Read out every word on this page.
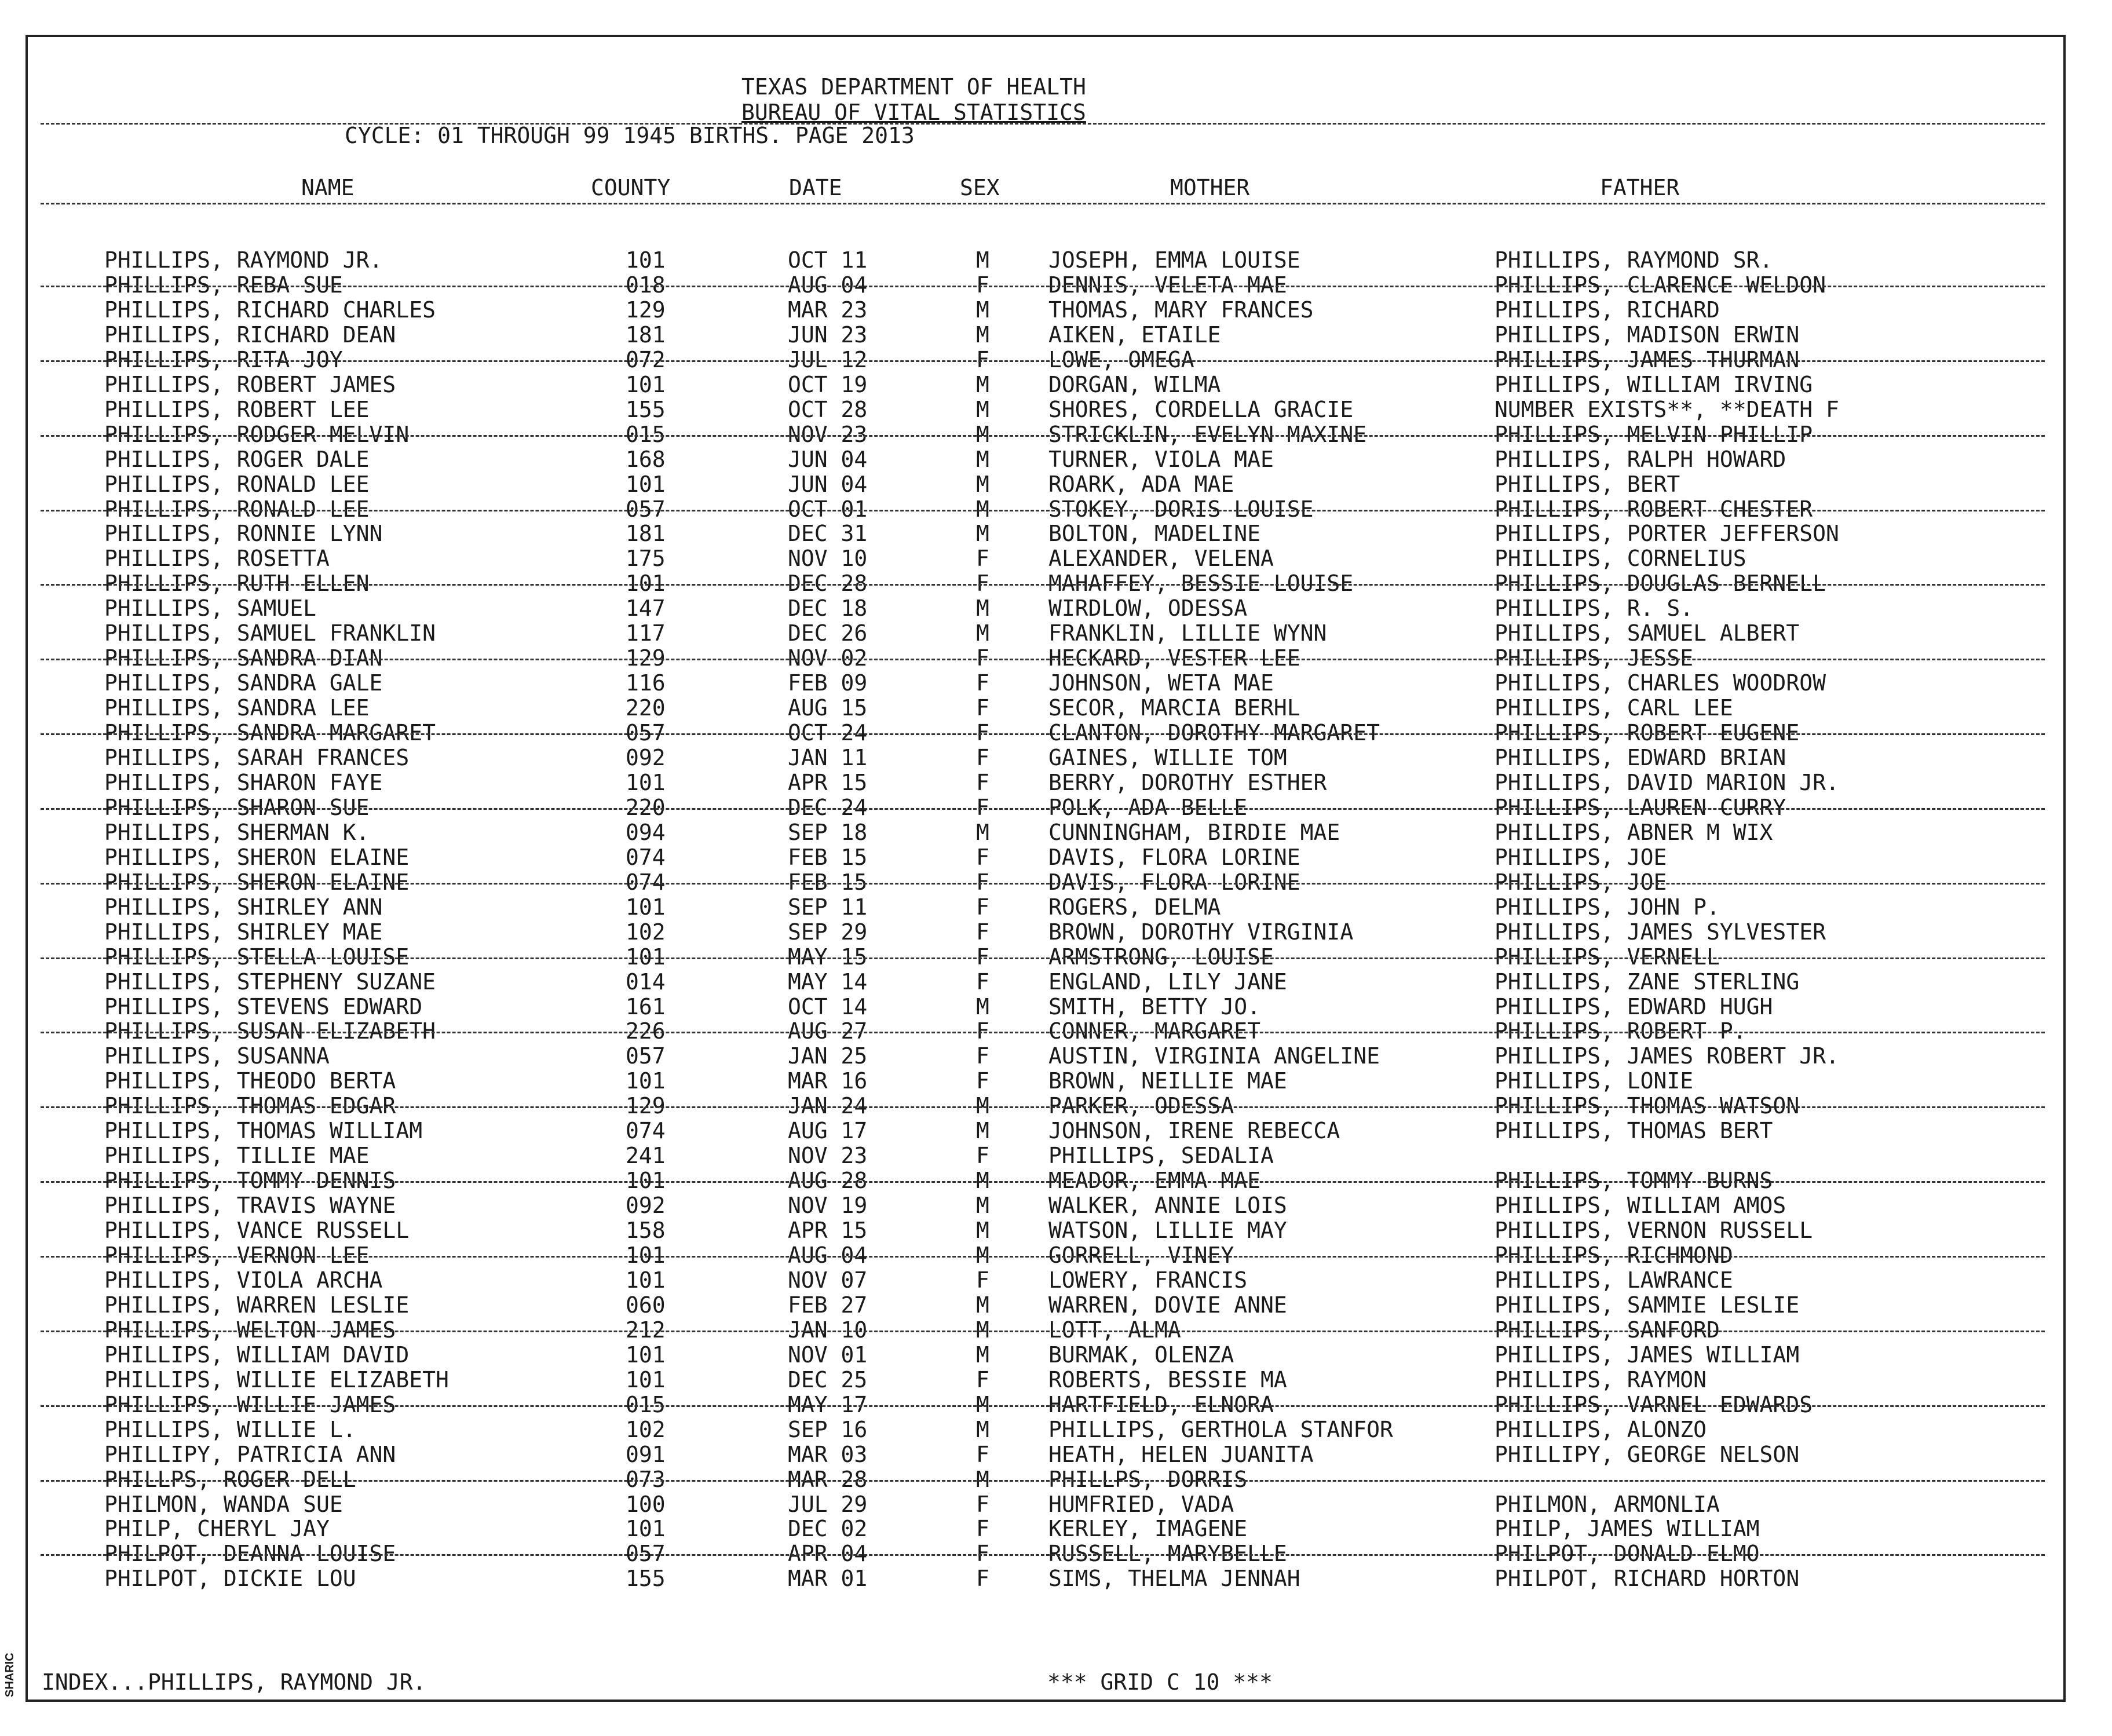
SHARIC
TEXAS DEPARTMENT OF HEALTH
BUREAU OF VITAL STATISTICS
CYCLE: 01 THROUGH 99 1945 BIRTHS. PAGE 2013
NAME	COUNTY	DATE	SEX	MOTHER	FATHER
PHILLIPS, RAYMOND JR.	101	OCT 11	M	JOSEPH, EMMA LOUISE	PHILLIPS, RAYMOND SR.
PHILLIPS, REBA SUE	018	AUG 04	F	DENNIS, VELETA MAE	PHILLIPS, CLARENCE WELDON
PHILLIPS, RICHARD CHARLES	129	MAR 23	M	THOMAS, MARY FRANCES	PHILLIPS, RICHARD
PHILLIPS, RICHARD DEAN	181	JUN 23	M	AIKEN, ETAILE	PHILLIPS, MADISON ERWIN
PHILLIPS, RITA JOY	072	JUL 12	F	LOWE, OMEGA	PHILLIPS, JAMES THURMAN
PHILLIPS, ROBERT JAMES	101	OCT 19	M	DORGAN, WILMA	PHILLIPS, WILLIAM IRVING
PHILLIPS, ROBERT LEE	155	OCT 28	M	SHORES, CORDELLA GRACIE	NUMBER EXISTS**, **DEATH F
PHILLIPS, RODGER MELVIN	015	NOV 23	M	STRICKLIN, EVELYN MAXINE	PHILLIPS, MELVIN PHILLIP
PHILLIPS, ROGER DALE	168	JUN 04	M	TURNER, VIOLA MAE	PHILLIPS, RALPH HOWARD
PHILLIPS, RONALD LEE	101	JUN 04	M	ROARK, ADA MAE	PHILLIPS, BERT
PHILLIPS, RONALD LEE	057	OCT 01	M	STOKEY, DORIS LOUISE	PHILLIPS, ROBERT CHESTER
PHILLIPS, RONNIE LYNN	181	DEC 31	M	BOLTON, MADELINE	PHILLIPS, PORTER JEFFERSON
PHILLIPS, ROSETTA	175	NOV 10	F	ALEXANDER, VELENA	PHILLIPS, CORNELIUS
PHILLIPS, RUTH ELLEN	101	DEC 28	F	MAHAFFEY, BESSIE LOUISE	PHILLIPS, DOUGLAS BERNELL
PHILLIPS, SAMUEL	147	DEC 18	M	WIRDLOW, ODESSA	PHILLIPS, R. S.
PHILLIPS, SAMUEL FRANKLIN	117	DEC 26	M	FRANKLIN, LILLIE WYNN	PHILLIPS, SAMUEL ALBERT
PHILLIPS, SANDRA DIAN	129	NOV 02	F	HECKARD, VESTER LEE	PHILLIPS, JESSE
PHILLIPS, SANDRA GALE	116	FEB 09	F	JOHNSON, WETA MAE	PHILLIPS, CHARLES WOODROW
PHILLIPS, SANDRA LEE	220	AUG 15	F	SECOR, MARCIA BERHL	PHILLIPS, CARL LEE
PHILLIPS, SANDRA MARGARET	057	OCT 24	F	CLANTON, DOROTHY MARGARET	PHILLIPS, ROBERT EUGENE
PHILLIPS, SARAH FRANCES	092	JAN 11	F	GAINES, WILLIE TOM	PHILLIPS, EDWARD BRIAN
PHILLIPS, SHARON FAYE	101	APR 15	F	BERRY, DOROTHY ESTHER	PHILLIPS, DAVID MARION JR.
PHILLIPS, SHARON SUE	220	DEC 24	F	POLK, ADA BELLE	PHILLIPS, LAUREN CURRY
PHILLIPS, SHERMAN K.	094	SEP 18	M	CUNNINGHAM, BIRDIE MAE	PHILLIPS, ABNER M WIX
PHILLIPS, SHERON ELAINE	074	FEB 15	F	DAVIS, FLORA LORINE	PHILLIPS, JOE
PHILLIPS, SHERON ELAINE	074	FEB 15	F	DAVIS, FLORA LORINE	PHILLIPS, JOE
PHILLIPS, SHIRLEY ANN	101	SEP 11	F	ROGERS, DELMA	PHILLIPS, JOHN P.
PHILLIPS, SHIRLEY MAE	102	SEP 29	F	BROWN, DOROTHY VIRGINIA	PHILLIPS, JAMES SYLVESTER
PHILLIPS, STELLA LOUISE	101	MAY 15	F	ARMSTRONG, LOUISE	PHILLIPS, VERNELL
PHILLIPS, STEPHENY SUZANE	014	MAY 14	F	ENGLAND, LILY JANE	PHILLIPS, ZANE STERLING
PHILLIPS, STEVENS EDWARD	161	OCT 14	M	SMITH, BETTY JO.	PHILLIPS, EDWARD HUGH
PHILLIPS, SUSAN ELIZABETH	226	AUG 27	F	CONNER, MARGARET	PHILLIPS, ROBERT P.
PHILLIPS, SUSANNA	057	JAN 25	F	AUSTIN, VIRGINIA ANGELINE	PHILLIPS, JAMES ROBERT JR.
PHILLIPS, THEODO BERTA	101	MAR 16	F	BROWN, NEILLIE MAE	PHILLIPS, LONIE
PHILLIPS, THOMAS EDGAR	129	JAN 24	M	PARKER, ODESSA	PHILLIPS, THOMAS WATSON
PHILLIPS, THOMAS WILLIAM	074	AUG 17	M	JOHNSON, IRENE REBECCA	PHILLIPS, THOMAS BERT
PHILLIPS, TILLIE MAE	241	NOV 23	F	PHILLIPS, SEDALIA
PHILLIPS, TOMMY DENNIS	101	AUG 28	M	MEADOR, EMMA MAE	PHILLIPS, TOMMY BURNS
PHILLIPS, TRAVIS WAYNE	092	NOV 19	M	WALKER, ANNIE LOIS	PHILLIPS, WILLIAM AMOS
PHILLIPS, VANCE RUSSELL	158	APR 15	M	WATSON, LILLIE MAY	PHILLIPS, VERNON RUSSELL
PHILLIPS, VERNON LEE	101	AUG 04	M	GORRELL, VINEY	PHILLIPS, RICHMOND
PHILLIPS, VIOLA ARCHA	101	NOV 07	F	LOWERY, FRANCIS	PHILLIPS, LAWRANCE
PHILLIPS, WARREN LESLIE	060	FEB 27	M	WARREN, DOVIE ANNE	PHILLIPS, SAMMIE LESLIE
PHILLIPS, WELTON JAMES	212	JAN 10	M	LOTT, ALMA	PHILLIPS, SANFORD
PHILLIPS, WILLIAM DAVID	101	NOV 01	M	BURMAK, OLENZA	PHILLIPS, JAMES WILLIAM
PHILLIPS, WILLIE ELIZABETH	101	DEC 25	F	ROBERTS, BESSIE MA	PHILLIPS, RAYMON
PHILLIPS, WILLIE JAMES	015	MAY 17	M	HARTFIELD, ELNORA	PHILLIPS, VARNEL EDWARDS
PHILLIPS, WILLIE L.	102	SEP 16	M	PHILLIPS, GERTHOLA STANFOR	PHILLIPS, ALONZO
PHILLIPY, PATRICIA ANN	091	MAR 03	F	HEATH, HELEN JUANITA	PHILLIPY, GEORGE NELSON
PHILLPS, ROGER DELL	073	MAR 28	M	PHILLPS, DORRIS
PHILMON, WANDA SUE	100	JUL 29	F	HUMFRIED, VADA	PHILMON, ARMONLIA
PHILP, CHERYL JAY	101	DEC 02	F	KERLEY, IMAGENE	PHILP, JAMES WILLIAM
PHILPOT, DEANNA LOUISE	057	APR 04	F	RUSSELL, MARYBELLE	PHILPOT, DONALD ELMO
PHILPOT, DICKIE LOU	155	MAR 01	F	SIMS, THELMA JENNAH	PHILPOT, RICHARD HORTON
INDEX...PHILLIPS, RAYMOND JR.	*** GRID C 10 ***
